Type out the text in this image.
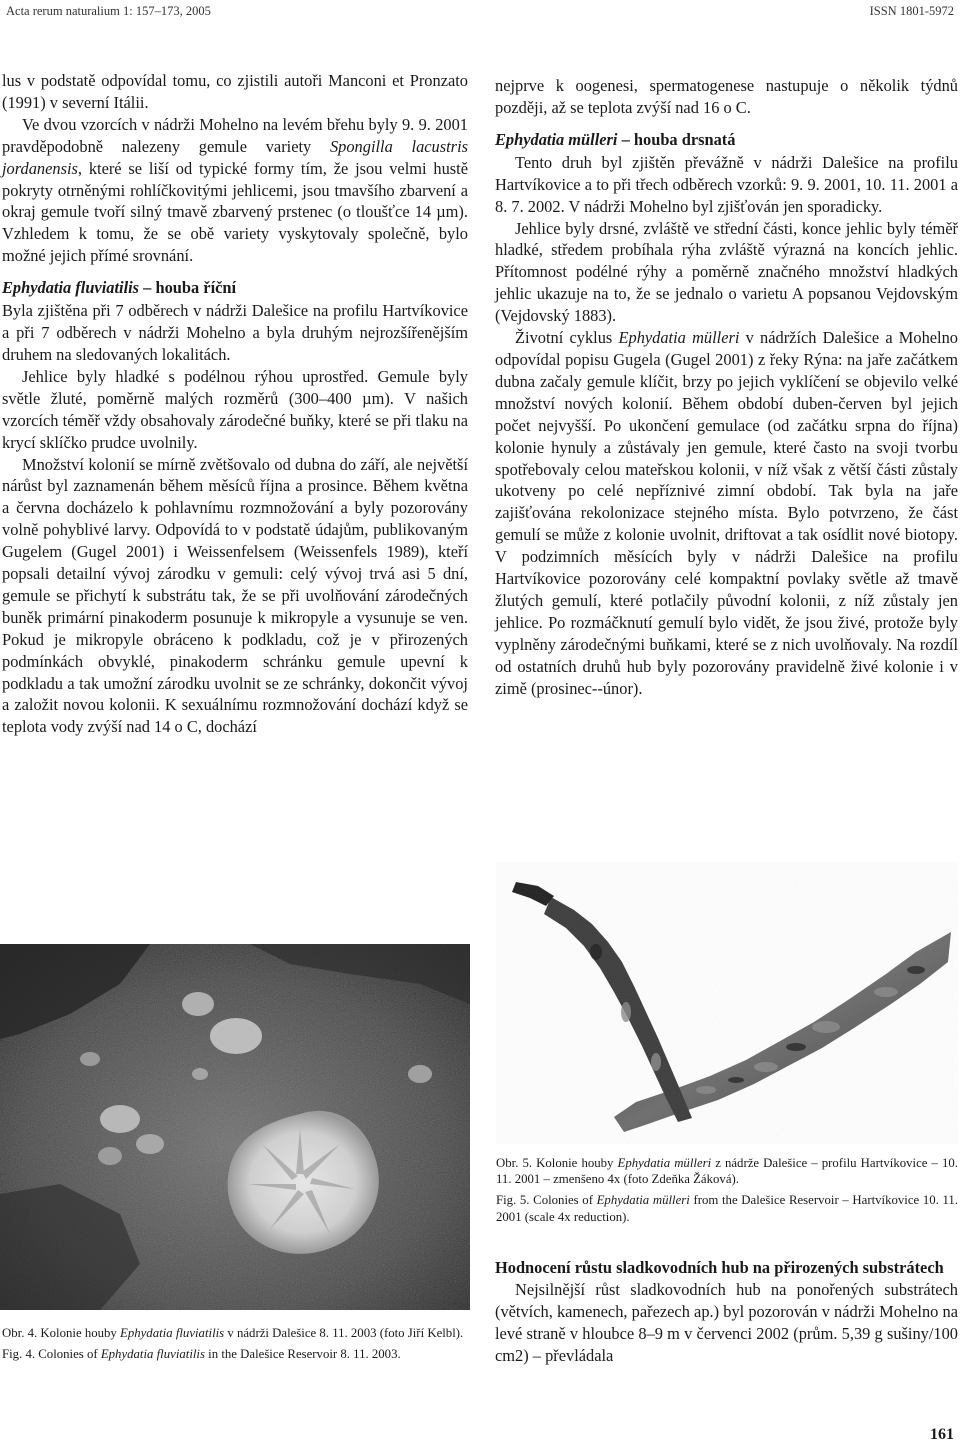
Acta rerum naturalium 1: 157–173, 2005	ISSN 1801-5972

lus v podstatě odpovídal tomu, co zjistili autoři Manconi et Pronzato (1991) v severní Itálii.

Ve dvou vzorcích v nádrži Mohelno na levém břehu byly 9. 9. 2001 pravděpodobně nalezeny gemule variety Spongilla lacustris jordanensis, které se liší od typické formy tím, že jsou velmi hustě pokryty otrněnými rohlíčkovitými jehlicemi, jsou tmavšího zbarvení a okraj gemule tvoří silný tmavě zbarvený prstenec (o tloušťce 14 µm). Vzhledem k tomu, že se obě variety vyskytovaly společně, bylo možné jejich přímé srovnání.

Ephydatia fluviatilis – houba říční

Byla zjištěna při 7 odběrech v nádrži Dalešice na profilu Hartvíkovice a při 7 odběrech v nádrži Mohelno a byla druhým nejrozšířenějším druhem na sledovaných lokalitách.

Jehlice byly hladké s podélnou rýhou uprostřed. Gemule byly světle žluté, poměrně malých rozměrů (300–400 µm). V našich vzorcích téměř vždy obsahovaly zárodečné buňky, které se při tlaku na krycí sklíčko prudce uvolnily.

Množství kolonií se mírně zvětšovalo od dubna do září, ale největší nárůst byl zaznamenán během měsíců října a prosince. Během května a června docházelo k pohlavnímu rozmnožování a byly pozorovány volně pohyblivé larvy. Odpovídá to v podstatě údajům, publikovaným Gugelem (Gugel 2001) i Weissenfelsem (Weissenfels 1989), kteří popsali detailní vývoj zárodku v gemuli: celý vývoj trvá asi 5 dní, gemule se přichytí k substrátu tak, že se při uvolňování zárodečných buněk primární pinakoderm posunuje k mikropyle a vysunuje se ven. Pokud je mikropyle obráceno k podkladu, což je v přirozených podmínkách obvyklé, pinakoderm schránku gemule upevní k podkladu a tak umožní zárodku uvolnit se ze schránky, dokončit vývoj a založit novou kolonii. K sexuálnímu rozmnožování dochází když se teplota vody zvýší nad 14 o C, dochází

nejprve k oogenesi, spermatogenese nastupuje o několik týdnů později, až se teplota zvýší nad 16 o C.

Ephydatia mülleri – houba drsnatá

Tento druh byl zjištěn převážně v nádrži Dalešice na profilu Hartvíkovice a to při třech odběrech vzorků: 9. 9. 2001, 10. 11. 2001 a 8. 7. 2002. V nádrži Mohelno byl zjišťován jen sporadicky.

Jehlice byly drsné, zvláště ve střední části, konce jehlic byly téměř hladké, středem probíhala rýha zvláště výrazná na koncích jehlic. Přítomnost podélné rýhy a poměrně značného množství hladkých jehlic ukazuje na to, že se jednalo o varietu A popsanou Vejdovským (Vejdovský 1883).

Životní cyklus Ephydatia mülleri v nádržích Dalešice a Mohelno odpovídal popisu Gugela (Gugel 2001) z řeky Rýna: na jaře začátkem dubna začaly gemule klíčit, brzy po jejich vyklíčení se objevilo velké množství nových kolonií. Během období duben-červen byl jejich počet nejvyšší. Po ukončení gemulace (od začátku srpna do října) kolonie hynuly a zůstávaly jen gemule, které často na svoji tvorbu spotřebovaly celou mateřskou kolonii, v níž však z větší části zůstaly ukotveny po celé nepříznivé zimní období. Tak byla na jaře zajišťována rekolonizace stejného místa. Bylo potvrzeno, že část gemulí se může z kolonie uvolnit, driftovat a tak osídlit nové biotopy. V podzimních měsících byly v nádrži Dalešice na profilu Hartvíkovice pozorovány celé kompaktní povlaky světle až tmavě žlutých gemulí, které potlačily původní kolonii, z níž zůstaly jen jehlice. Po rozmáčknutí gemulí bylo vidět, že jsou živé, protože byly vyplněny zárodečnými buňkami, které se z nich uvolňovaly. Na rozdíl od ostatních druhů hub byly pozorovány pravidelně živé kolonie i v zimě (prosinec--únor).

Obr. 5. Kolonie houby Ephydatia mülleri z nádrže Dalešice – profilu Hartvíkovice – 10. 11. 2001 – zmenšeno 4x (foto Zdeňka Žáková).
Fig. 5. Colonies of Ephydatia mülleri from the Dalešice Reservoir – Hartvíkovice 10. 11. 2001 (scale 4x reduction).
Obr. 4. Kolonie houby Ephydatia fluviatilis v nádrži Dalešice 8. 11. 2003 (foto Jiří Kelbl).
Fig. 4. Colonies of Ephydatia fluviatilis in the Dalešice Reservoir 8. 11. 2003.
Hodnocení růstu sladkovodních hub na přirozených substrátech

Nejsilnější růst sladkovodních hub na ponořených substrátech (větvích, kamenech, pařezech ap.) byl pozorován v nádrži Mohelno na levé straně v hloubce 8–9 m v červenci 2002 (prům. 5,39 g sušiny/100 cm2) – převládala

161
